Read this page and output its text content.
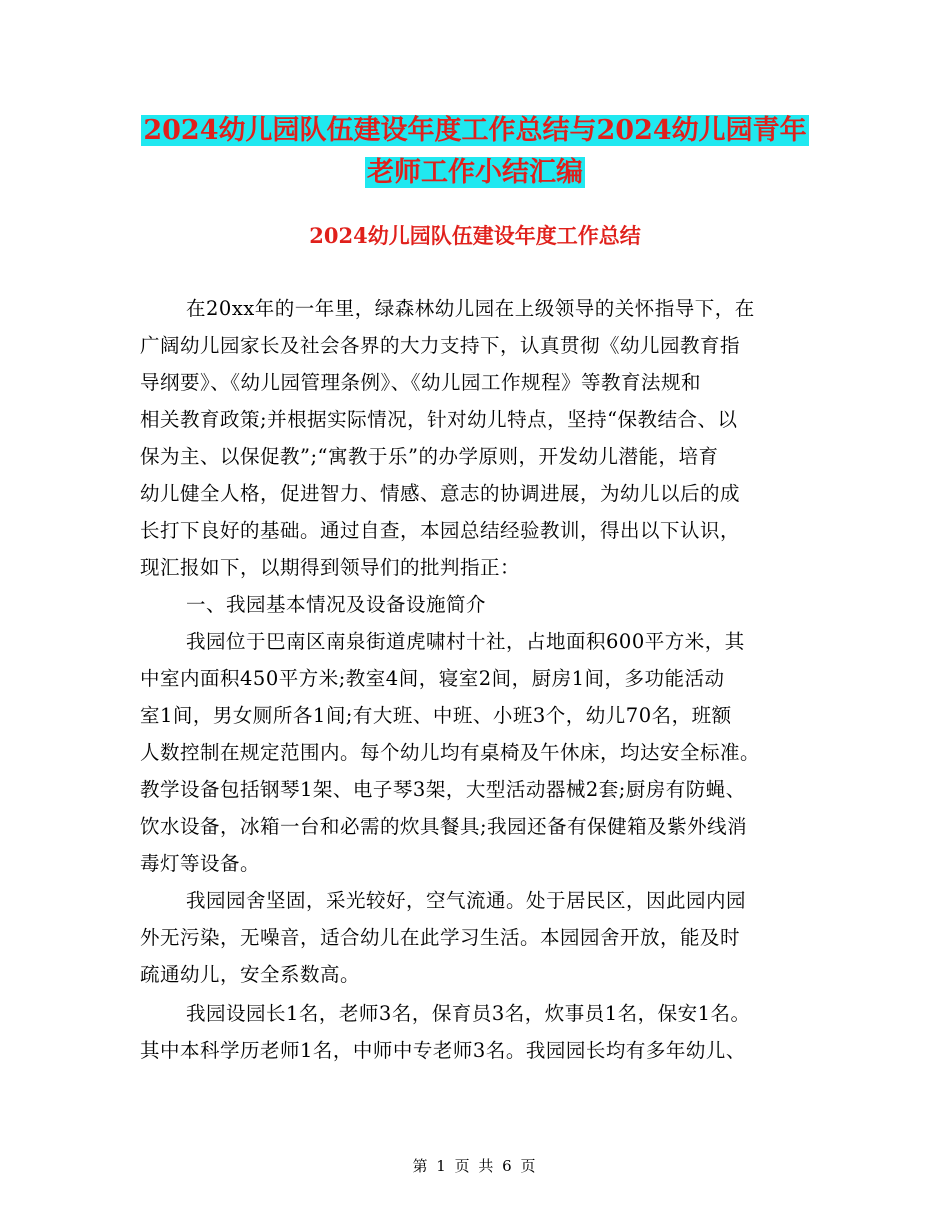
2024幼儿园队伍建设年度工作总结与2024幼儿园青年
老师工作小结汇编
2024幼儿园队伍建设年度工作总结
在20xx年的一年里，绿森林幼儿园在上级领导的关怀指导下，在
广阔幼儿园家长及社会各界的大力支持下，认真贯彻《幼儿园教育指
导纲要》、《幼儿园管理条例》、《幼儿园工作规程》等教育法规和
相关教育政策;并根据实际情况，针对幼儿特点，坚持“保教结合、以
保为主、以保促教”;“寓教于乐”的办学原则，开发幼儿潜能，培育
幼儿健全人格，促进智力、情感、意志的协调进展，为幼儿以后的成
长打下良好的基础。通过自查，本园总结经验教训，得出以下认识，
现汇报如下，以期得到领导们的批判指正：
一、我园基本情况及设备设施简介
我园位于巴南区南泉街道虎啸村十社，占地面积600平方米，其
中室内面积450平方米;教室4间，寝室2间，厨房1间，多功能活动
室1间，男女厕所各1间;有大班、中班、小班3个，幼儿70名，班额
人数控制在规定范围内。每个幼儿均有桌椅及午休床，均达安全标准。
教学设备包括钢琴1架、电子琴3架，大型活动器械2套;厨房有防蝇、
饮水设备，冰箱一台和必需的炊具餐具;我园还备有保健箱及紫外线消
毒灯等设备。
我园园舍坚固，采光较好，空气流通。处于居民区，因此园内园
外无污染，无噪音，适合幼儿在此学习生活。本园园舍开放，能及时
疏通幼儿，安全系数高。
我园设园长1名，老师3名，保育员3名，炊事员1名，保安1名。
其中本科学历老师1名，中师中专老师3名。我园园长均有多年幼儿、
第 1 页 共 6 页
